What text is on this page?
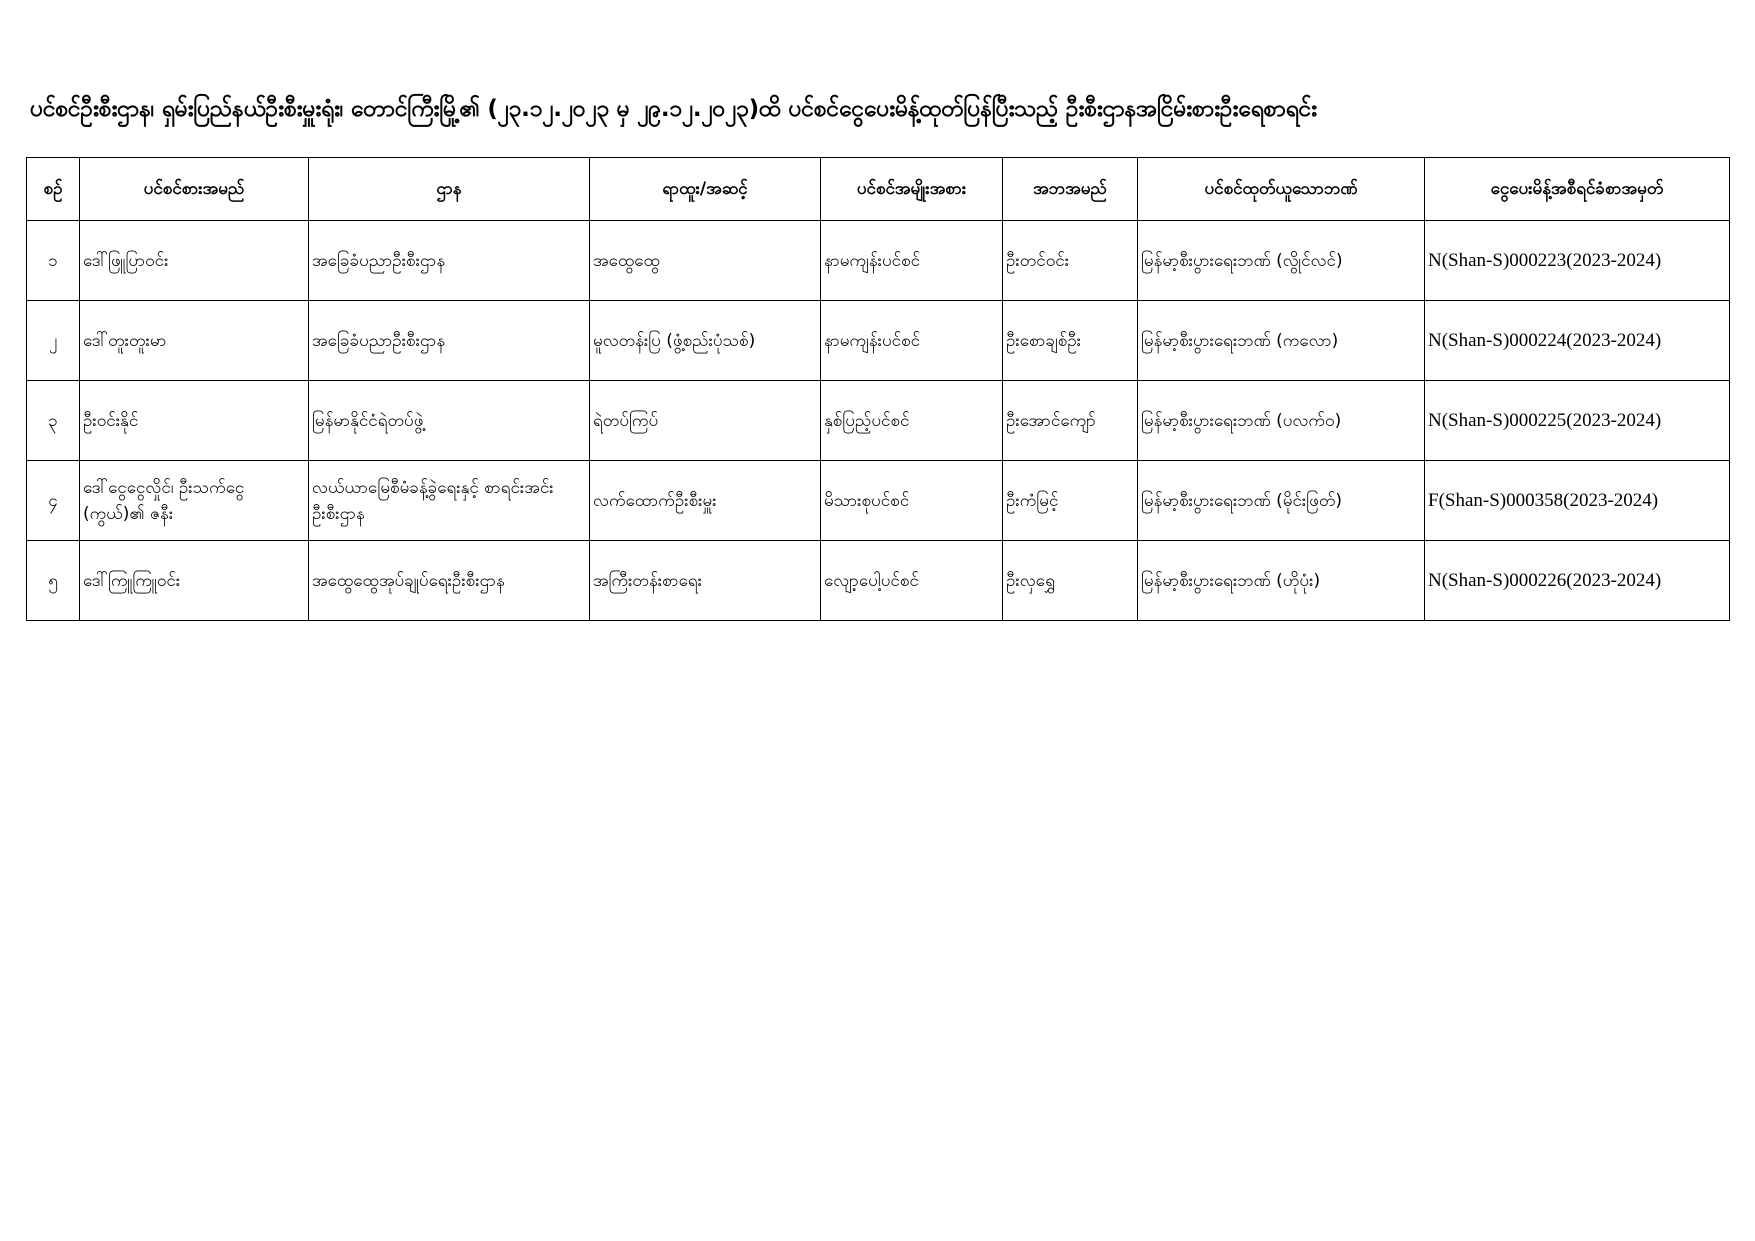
ပင်စင်ဦးစီးဌာန၊ ရှမ်းပြည်နယ်ဦးစီးမှူးရုံး၊ တောင်ကြီးမြို့၏ (၂၃.၁၂.၂၀၂၃ မှ ၂၉.၁၂.၂၀၂၃)ထိ ပင်စင်ငွေပေးမိန့်ထုတ်ပြန်ပြီးသည့် ဦးစီးဌာနအငြိမ်းစားဦးရေစာရင်း
စဉ်	ပင်စင်စားအမည်	ဌာန	ရာထူး/အဆင့်	ပင်စင်အမျိုးအစား	အဘအမည်	ပင်စင်ထုတ်ယူသောဘဏ်	ငွေပေးမိန့်အစီရင်ခံစာအမှတ်
၁	ဒေါ်ဖြူပြာဝင်း	အခြေခံပညာဦးစီးဌာန	အထွေထွေ	နာမကျန်းပင်စင်	ဦးတင်ဝင်း	မြန်မာ့စီးပွားရေးဘဏ် (လွိုင်လင်)	N(Shan-S)000223(2023-2024)
၂	ဒေါ်တူးတူးမာ	အခြေခံပညာဦးစီးဌာန	မူလတန်းပြ (ဖွံ့စည်းပုံသစ်)	နာမကျန်းပင်စင်	ဦးစောချစ်ဦး	မြန်မာ့စီးပွားရေးဘဏ် (ကလော)	N(Shan-S)000224(2023-2024)
၃	ဦးဝင်းနိုင်	မြန်မာနိုင်ငံရဲတပ်ဖွဲ့	ရဲတပ်ကြပ်	နှစ်ပြည့်ပင်စင်	ဦးအောင်ကျော်	မြန်မာ့စီးပွားရေးဘဏ် (ပလက်ဝ)	N(Shan-S)000225(2023-2024)
၄	ဒေါ်ငွေငွေလှိုင်၊ ဦးသက်ငွေ (ကွယ်)၏ ဇနီး	လယ်ယာမြေစီမံခန့်ခွဲရေးနှင့် စာရင်းအင်းဦးစီးဌာန	လက်ထောက်ဦးစီးမှူး	မိသားစုပင်စင်	ဦးကံမြင့်	မြန်မာ့စီးပွားရေးဘဏ် (မိုင်းဖြတ်)	F(Shan-S)000358(2023-2024)
၅	ဒေါ်ကြူကြူဝင်း	အထွေထွေအုပ်ချုပ်ရေးဦးစီးဌာန	အကြီးတန်းစာရေး	လျော့ပေါ့ပင်စင်	ဦးလှရွှေ	မြန်မာ့စီးပွားရေးဘဏ် (ဟိုပုံး)	N(Shan-S)000226(2023-2024)
